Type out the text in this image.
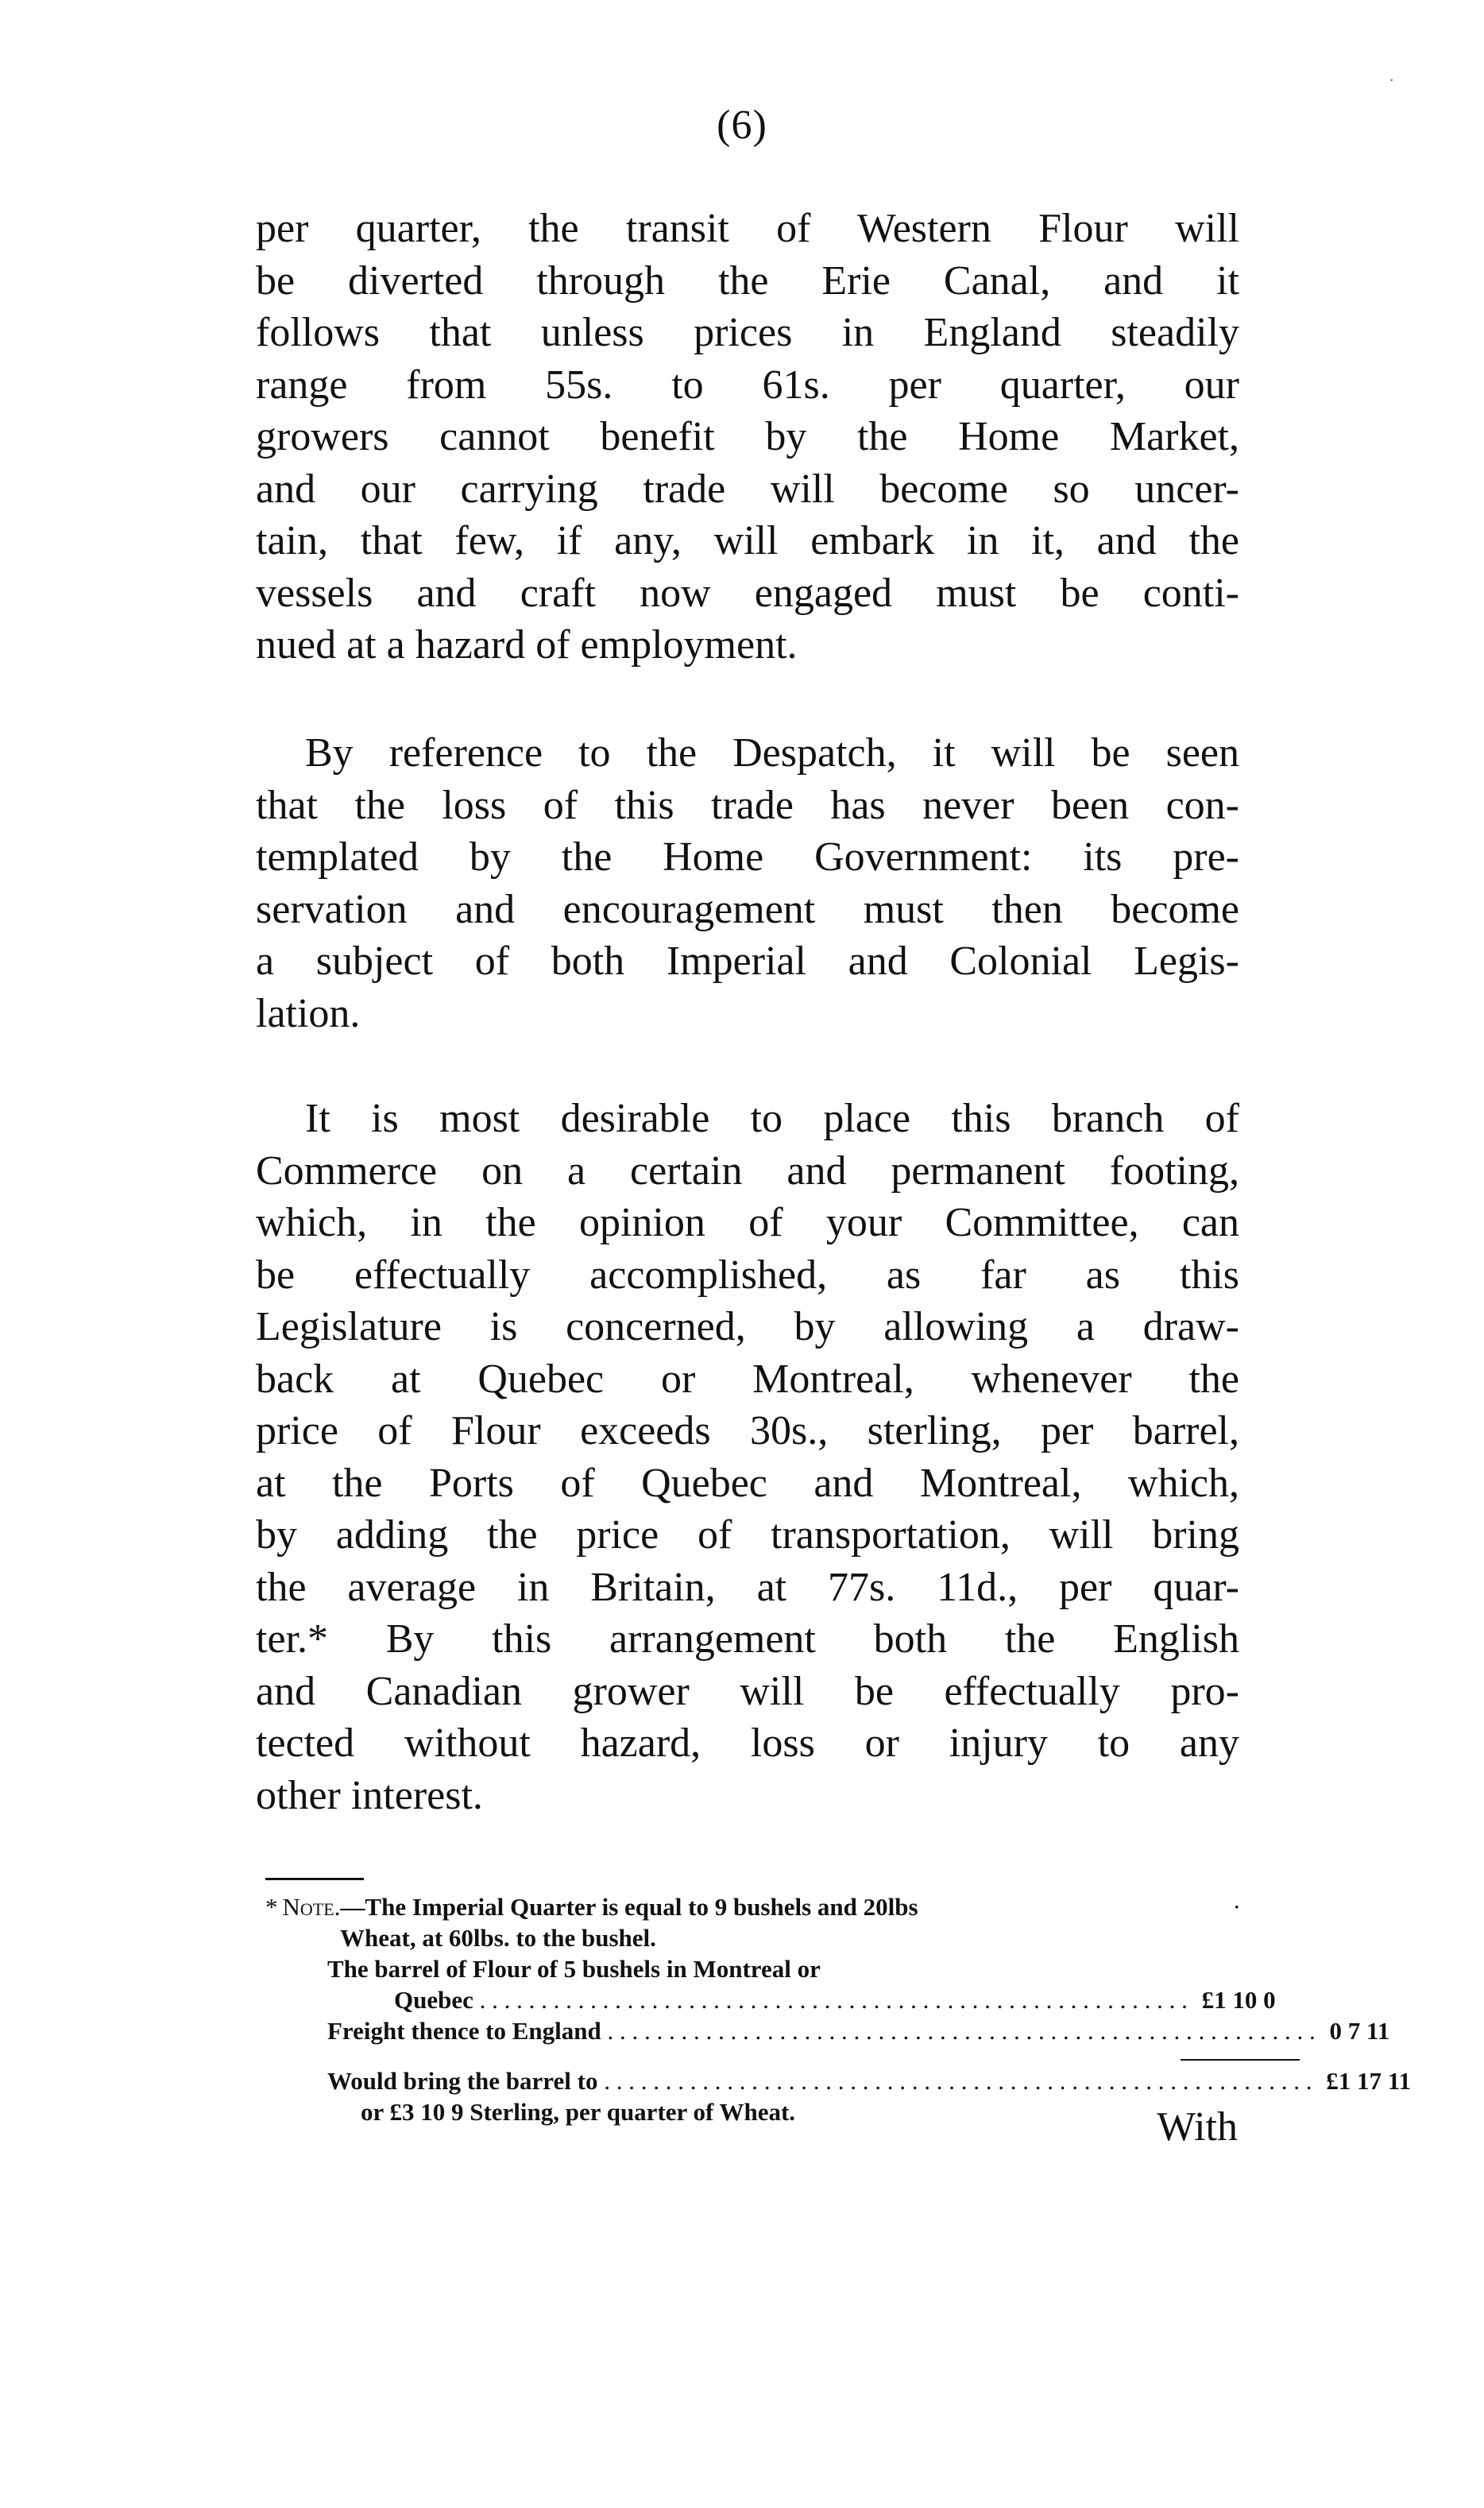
(6)
per quarter, the transit of Western Flour will
be diverted through the Erie Canal, and it
follows that unless prices in England steadily
range from 55s. to 61s. per quarter, our
growers cannot benefit by the Home Market,
and our carrying trade will become so uncer-
tain, that few, if any, will embark in it, and the
vessels and craft now engaged must be conti-
nued at a hazard of employment.
By reference to the Despatch, it will be seen
that the loss of this trade has never been con-
templated by the Home Government: its pre-
servation and encouragement must then become
a subject of both Imperial and Colonial Legis-
lation.
It is most desirable to place this branch of
Commerce on a certain and permanent footing,
which, in the opinion of your Committee, can
be effectually accomplished, as far as this
Legislature is concerned, by allowing a draw-
back at Quebec or Montreal, whenever the
price of Flour exceeds 30s., sterling, per barrel,
at the Ports of Quebec and Montreal, which,
by adding the price of transportation, will bring
the average in Britain, at 77s. 11d., per quar-
ter.* By this arrangement both the English
and Canadian grower will be effectually pro-
tected without hazard, loss or injury to any
other interest.
* Note.—The Imperial Quarter is equal to 9 bushels and 20lbs	·
Wheat, at 60lbs. to the bushel.
The barrel of Flour of 5 bushels in Montreal or
Quebec . . .	£1 10 0
Freight thence to England . . .	0 7 11
Would bring the barrel to . . .	£1 17 11
or £3 10 9 Sterling, per quarter of Wheat.	With
·
